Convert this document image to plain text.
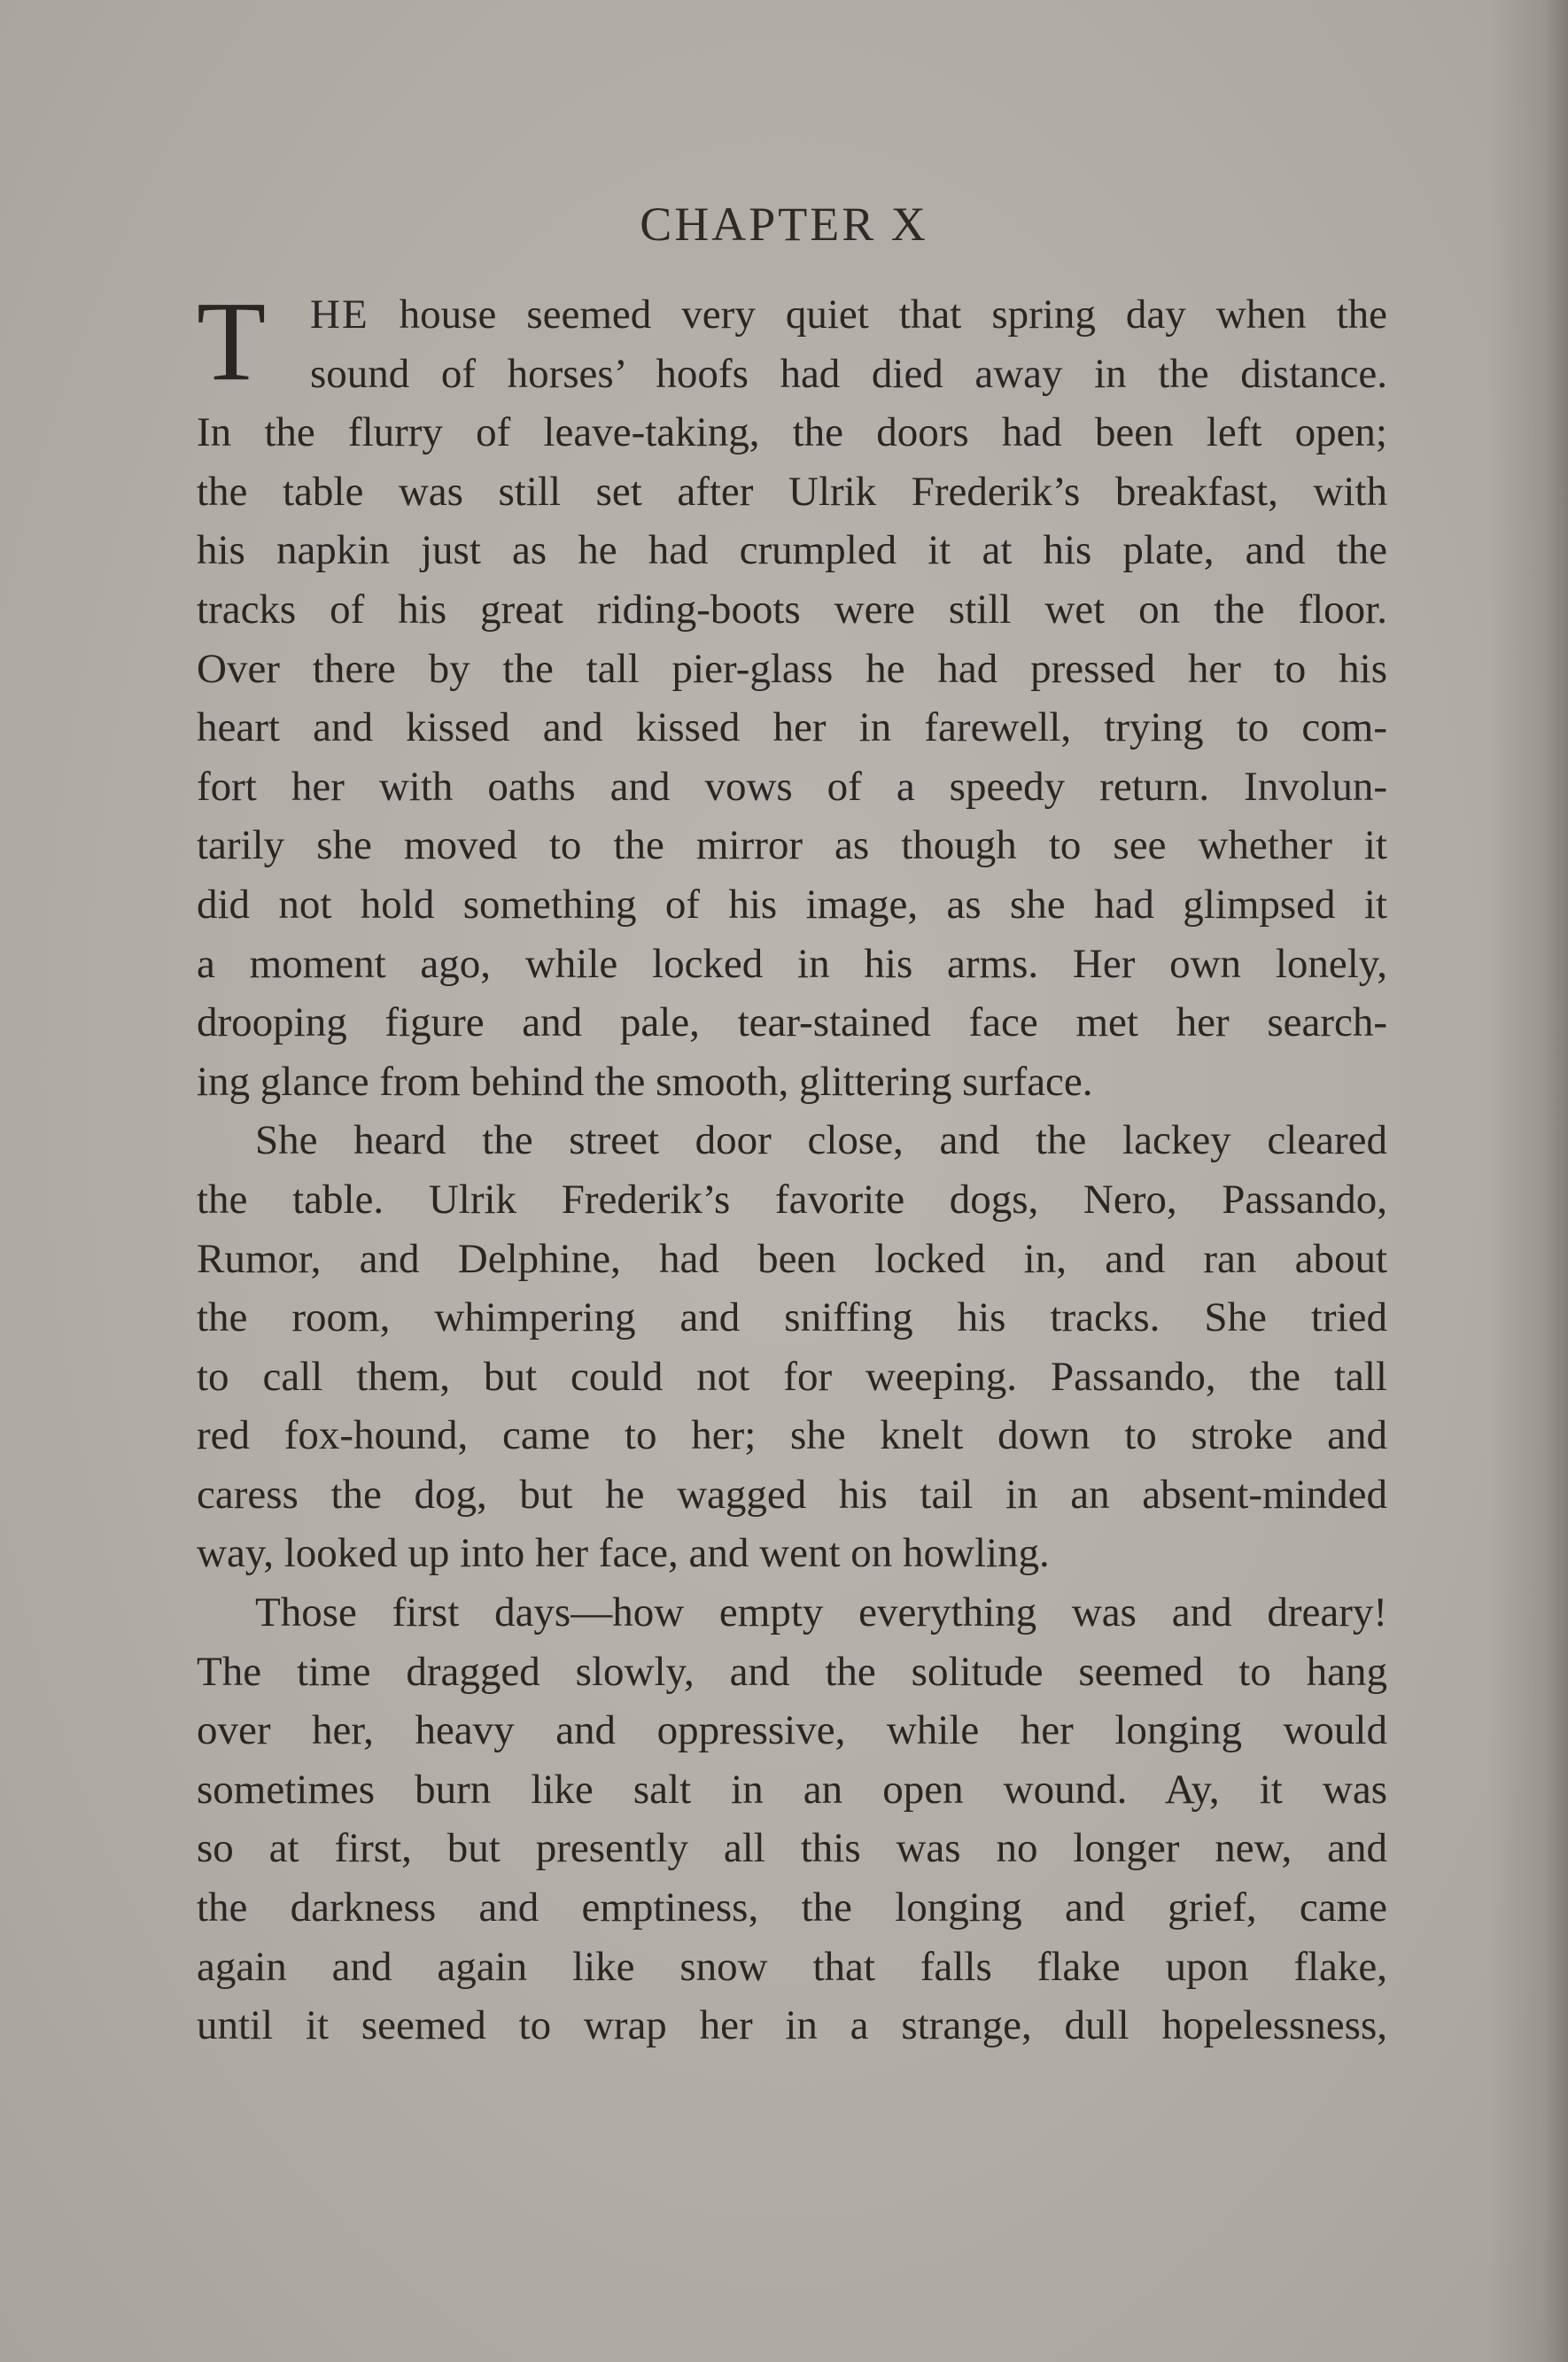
CHAPTER X
T	HE house seemed very quiet that spring day when the
sound of horses’ hoofs had died away in the distance.
In the flurry of leave-taking, the doors had been left open;
the table was still set after Ulrik Frederik’s breakfast, with
his napkin just as he had crumpled it at his plate, and the
tracks of his great riding-boots were still wet on the floor.
Over there by the tall pier-glass he had pressed her to his
heart and kissed and kissed her in farewell, trying to com-
fort her with oaths and vows of a speedy return. Involun-
tarily she moved to the mirror as though to see whether it
did not hold something of his image, as she had glimpsed it
a moment ago, while locked in his arms. Her own lonely,
drooping figure and pale, tear-stained face met her search-
ing glance from behind the smooth, glittering surface.
She heard the street door close, and the lackey cleared
the table. Ulrik Frederik’s favorite dogs, Nero, Passando,
Rumor, and Delphine, had been locked in, and ran about
the room, whimpering and sniffing his tracks. She tried
to call them, but could not for weeping. Passando, the tall
red fox-hound, came to her; she knelt down to stroke and
caress the dog, but he wagged his tail in an absent-minded
way, looked up into her face, and went on howling.
Those first days—how empty everything was and dreary!
The time dragged slowly, and the solitude seemed to hang
over her, heavy and oppressive, while her longing would
sometimes burn like salt in an open wound. Ay, it was
so at first, but presently all this was no longer new, and
the darkness and emptiness, the longing and grief, came
again and again like snow that falls flake upon flake,
until it seemed to wrap her in a strange, dull hopelessness,
